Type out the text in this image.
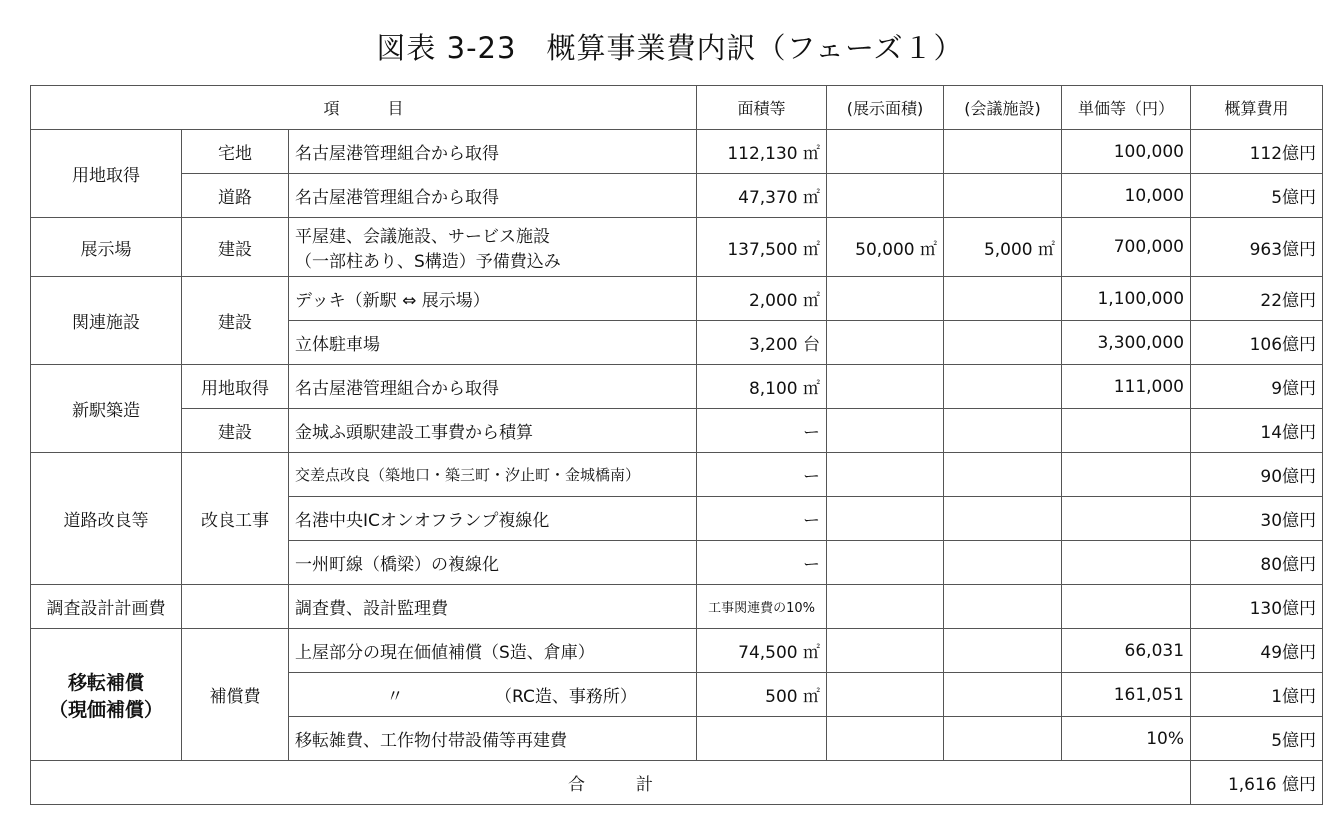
図表 3-23　概算事業費内訳（フェーズ１）
項　　　目			面積等	(展示面積)	(会議施設)	単価等（円）	概算費用
用地取得	宅地	名古屋港管理組合から取得	112,130 ㎡			100,000	112億円
	道路	名古屋港管理組合から取得	47,370 ㎡			10,000	5億円
展示場	建設	平屋建、会議施設、サービス施設
（一部柱あり、S構造）予備費込み	137,500 ㎡	50,000 ㎡	5,000 ㎡	700,000	963億円
関連施設	建設	デッキ（新駅 ⇔ 展示場）	2,000 ㎡			1,100,000	22億円
		立体駐車場	3,200 台			3,300,000	106億円
新駅築造	用地取得	名古屋港管理組合から取得	8,100 ㎡			111,000	9億円
	建設	金城ふ頭駅建設工事費から積算	ー				14億円
道路改良等	改良工事	交差点改良（築地口・築三町・汐止町・金城橋南）	ー				90億円
		名港中央ICオンオフランプ複線化	ー				30億円
		一州町線（橋梁）の複線化	ー				80億円
調査設計計画費		調査費、設計監理費	工事関連費の10%				130億円

移転補償
（現価補償）	補償費	上屋部分の現在価値補償（S造、倉庫）	74,500 ㎡			66,031	49億円
		〃 （RC造、事務所）	500 ㎡			161,051	1億円
		移転雑費、工作物付帯設備等再建費				10%	5億円
合　　　計							1,616 億円
